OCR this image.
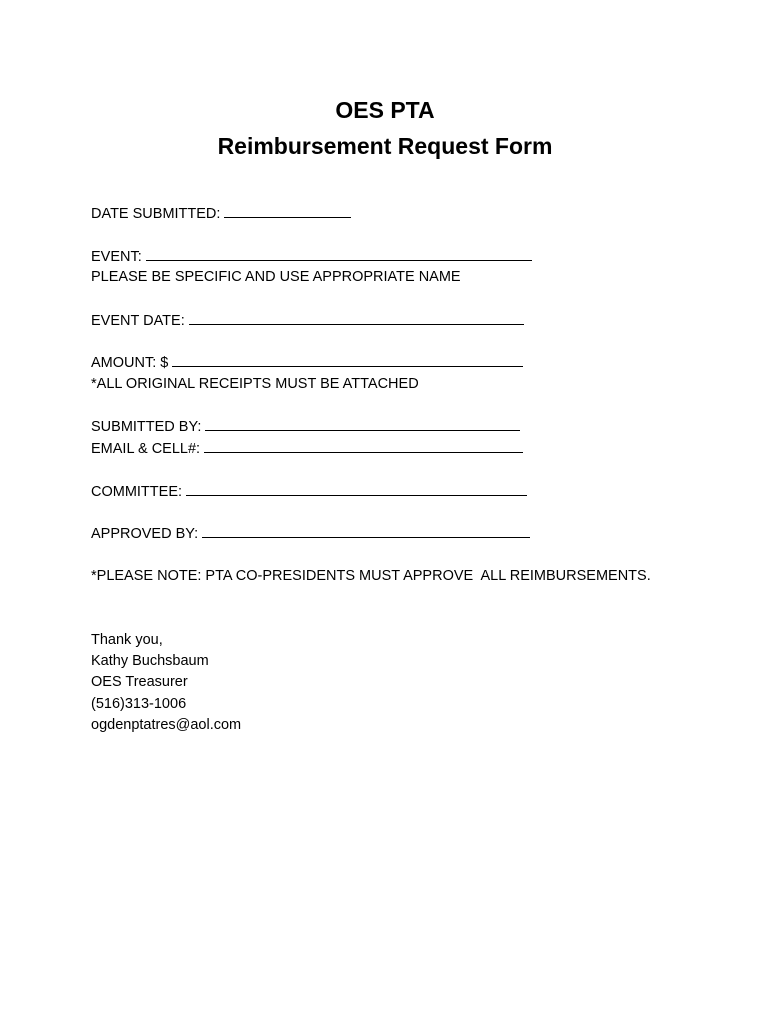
OES PTA
Reimbursement Request Form
DATE SUBMITTED:
EVENT:
PLEASE BE SPECIFIC AND USE APPROPRIATE NAME
EVENT DATE:
AMOUNT: $
*ALL ORIGINAL RECEIPTS MUST BE ATTACHED
SUBMITTED BY:
EMAIL & CELL#:
COMMITTEE:
APPROVED BY:
*PLEASE NOTE: PTA CO-PRESIDENTS MUST APPROVE  ALL REIMBURSEMENTS.
Thank you,
Kathy Buchsbaum
OES Treasurer
(516)313-1006
ogdenptatres@aol.com
